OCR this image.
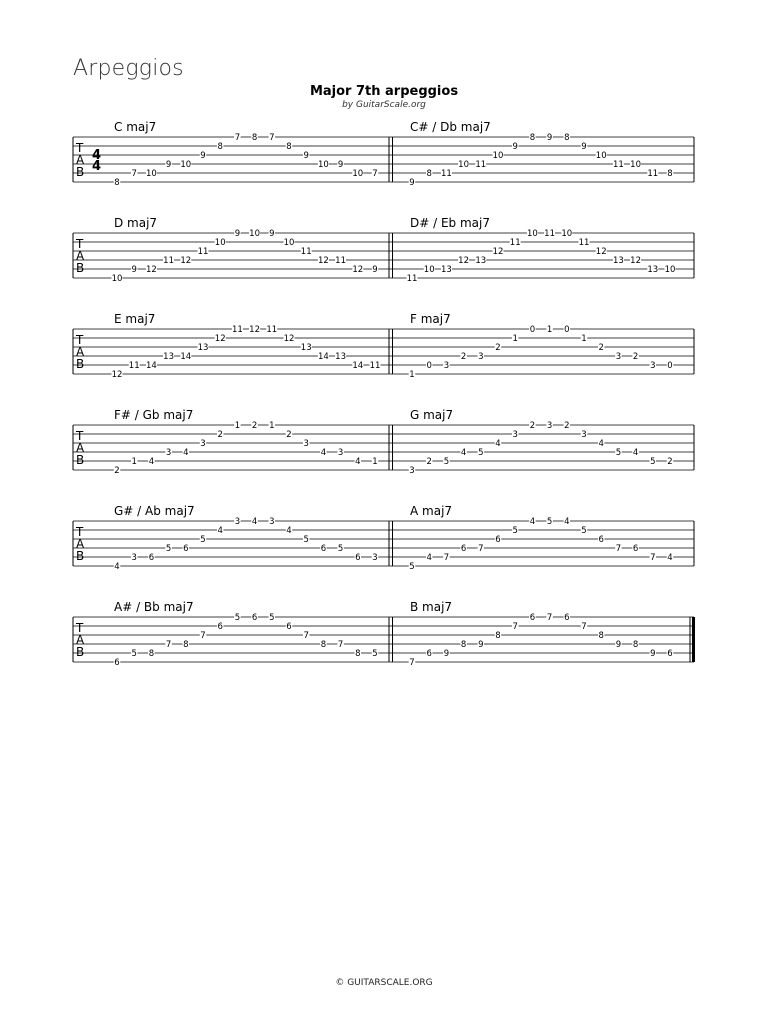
Arpeggios
Major 7th arpeggios
by GuitarScale.org
T
A
B
4
4
C maj7
8
7 10
9 10
9
8
7 8 7
8
9
10 9
10 7
C# / Db maj7
9
8 11
10 11
10
9
8 9 8
9
10
11 10
11 8
T
A
B
D maj7
10
9 12
11 12
11
10
9 10 9
10
11
12 11
12 9
D# / Eb maj7
11
10 13
12 13
12
11
10 11 10
11
12
13 12
13 10
T
A
B
E maj7
12
11 14
13 14
13
12
11 12 11
12
13
14 13
14 11
F maj7
1
0 3
2 3
2
1
0 1 0
1
2
3 2
3 0
T
A
B
F# / Gb maj7
2
1 4
3 4
3
2
1 2 1
2
3
4 3
4 1
G maj7
3
2 5
4 5
4
3
2 3 2
3
4
5 4
5 2
T
A
B
G# / Ab maj7
4
3 6
5 6
5
4
3 4 3
4
5
6 5
6 3
A maj7
5
4 7
6 7
6
5
4 5 4
5
6
7 6
7 4
T
A
B
A# / Bb maj7
6
5 8
7 8
7
6
5 6 5
6
7
8 7
8 5
B maj7
7
6 9
8 9
8
7
6 7 6
7
8
9 8
9 6
© GUITARSCALE.ORG
